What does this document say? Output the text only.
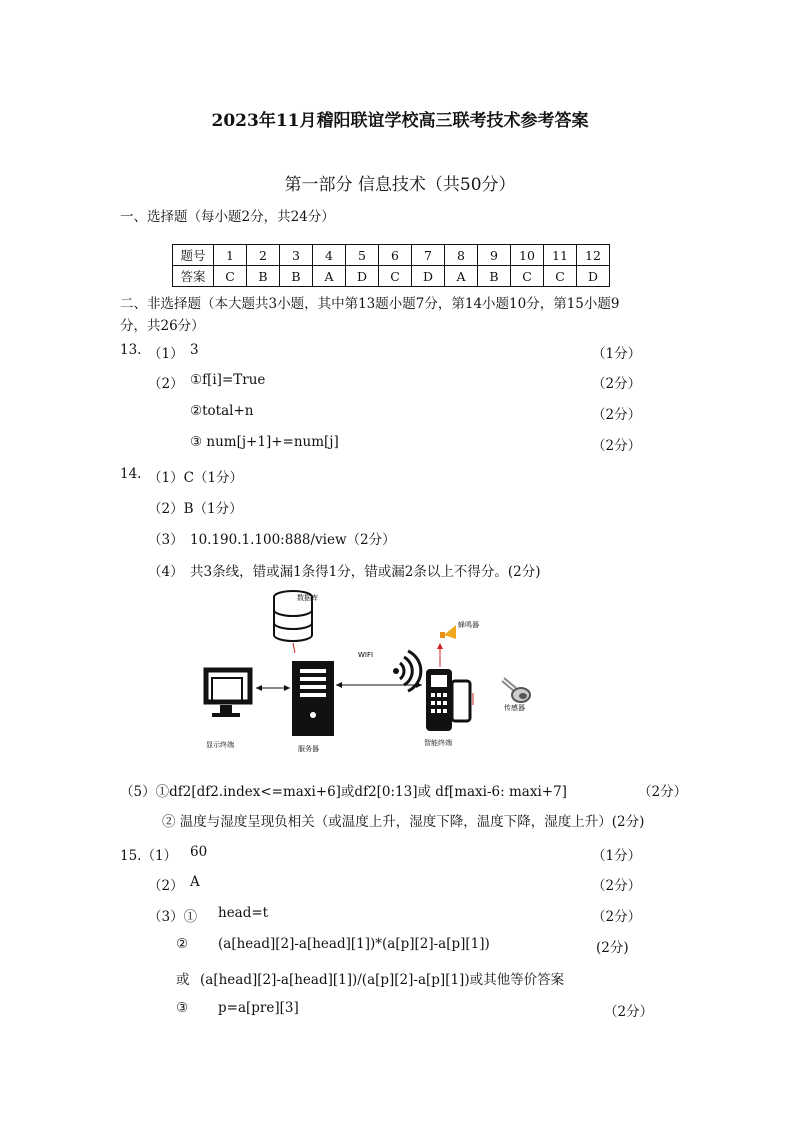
2023年11月稽阳联谊学校高三联考技术参考答案
第一部分 信息技术（共50分）
一、选择题（每小题2分，共24分）
题号	1	2	3	4	5	6	7	8	9	10	11	12
答案	C	B	B	A	D	C	D	A	B	C	C	D
二、非选择题（本大题共3小题，其中第13题小题7分，第14小题10分，第15小题9
分，共26分）
13. （1） 3	（1分）
（2） ①f[i]=True	（2分）
②total+n	（2分）
③ num[j+1]+=num[j]	（2分）
14. （1）C（1分）
（2）B（1分）
（3） 10.190.1.100:888/view（2分）
（4） 共3条线，错或漏1条得1分，错或漏2条以上不得分。(2分)
数据库
显示终端	服务器
WIFI
蜂鸣器
智能终端
传感器
（5）①df2[df2.index<=maxi+6]或df2[0:13]或 df[maxi-6: maxi+7]	（2分）
② 温度与湿度呈现负相关（或温度上升，湿度下降，温度下降，湿度上升）(2分)
15.（1） 60	（1分）
（2） A	（2分）
（3）① head=t	（2分）
② (a[head][2]-a[head][1])*(a[p][2]-a[p][1])	(2分)
或 (a[head][2]-a[head][1])/(a[p][2]-a[p][1])或其他等价答案
③ p=a[pre][3]	（2分）
